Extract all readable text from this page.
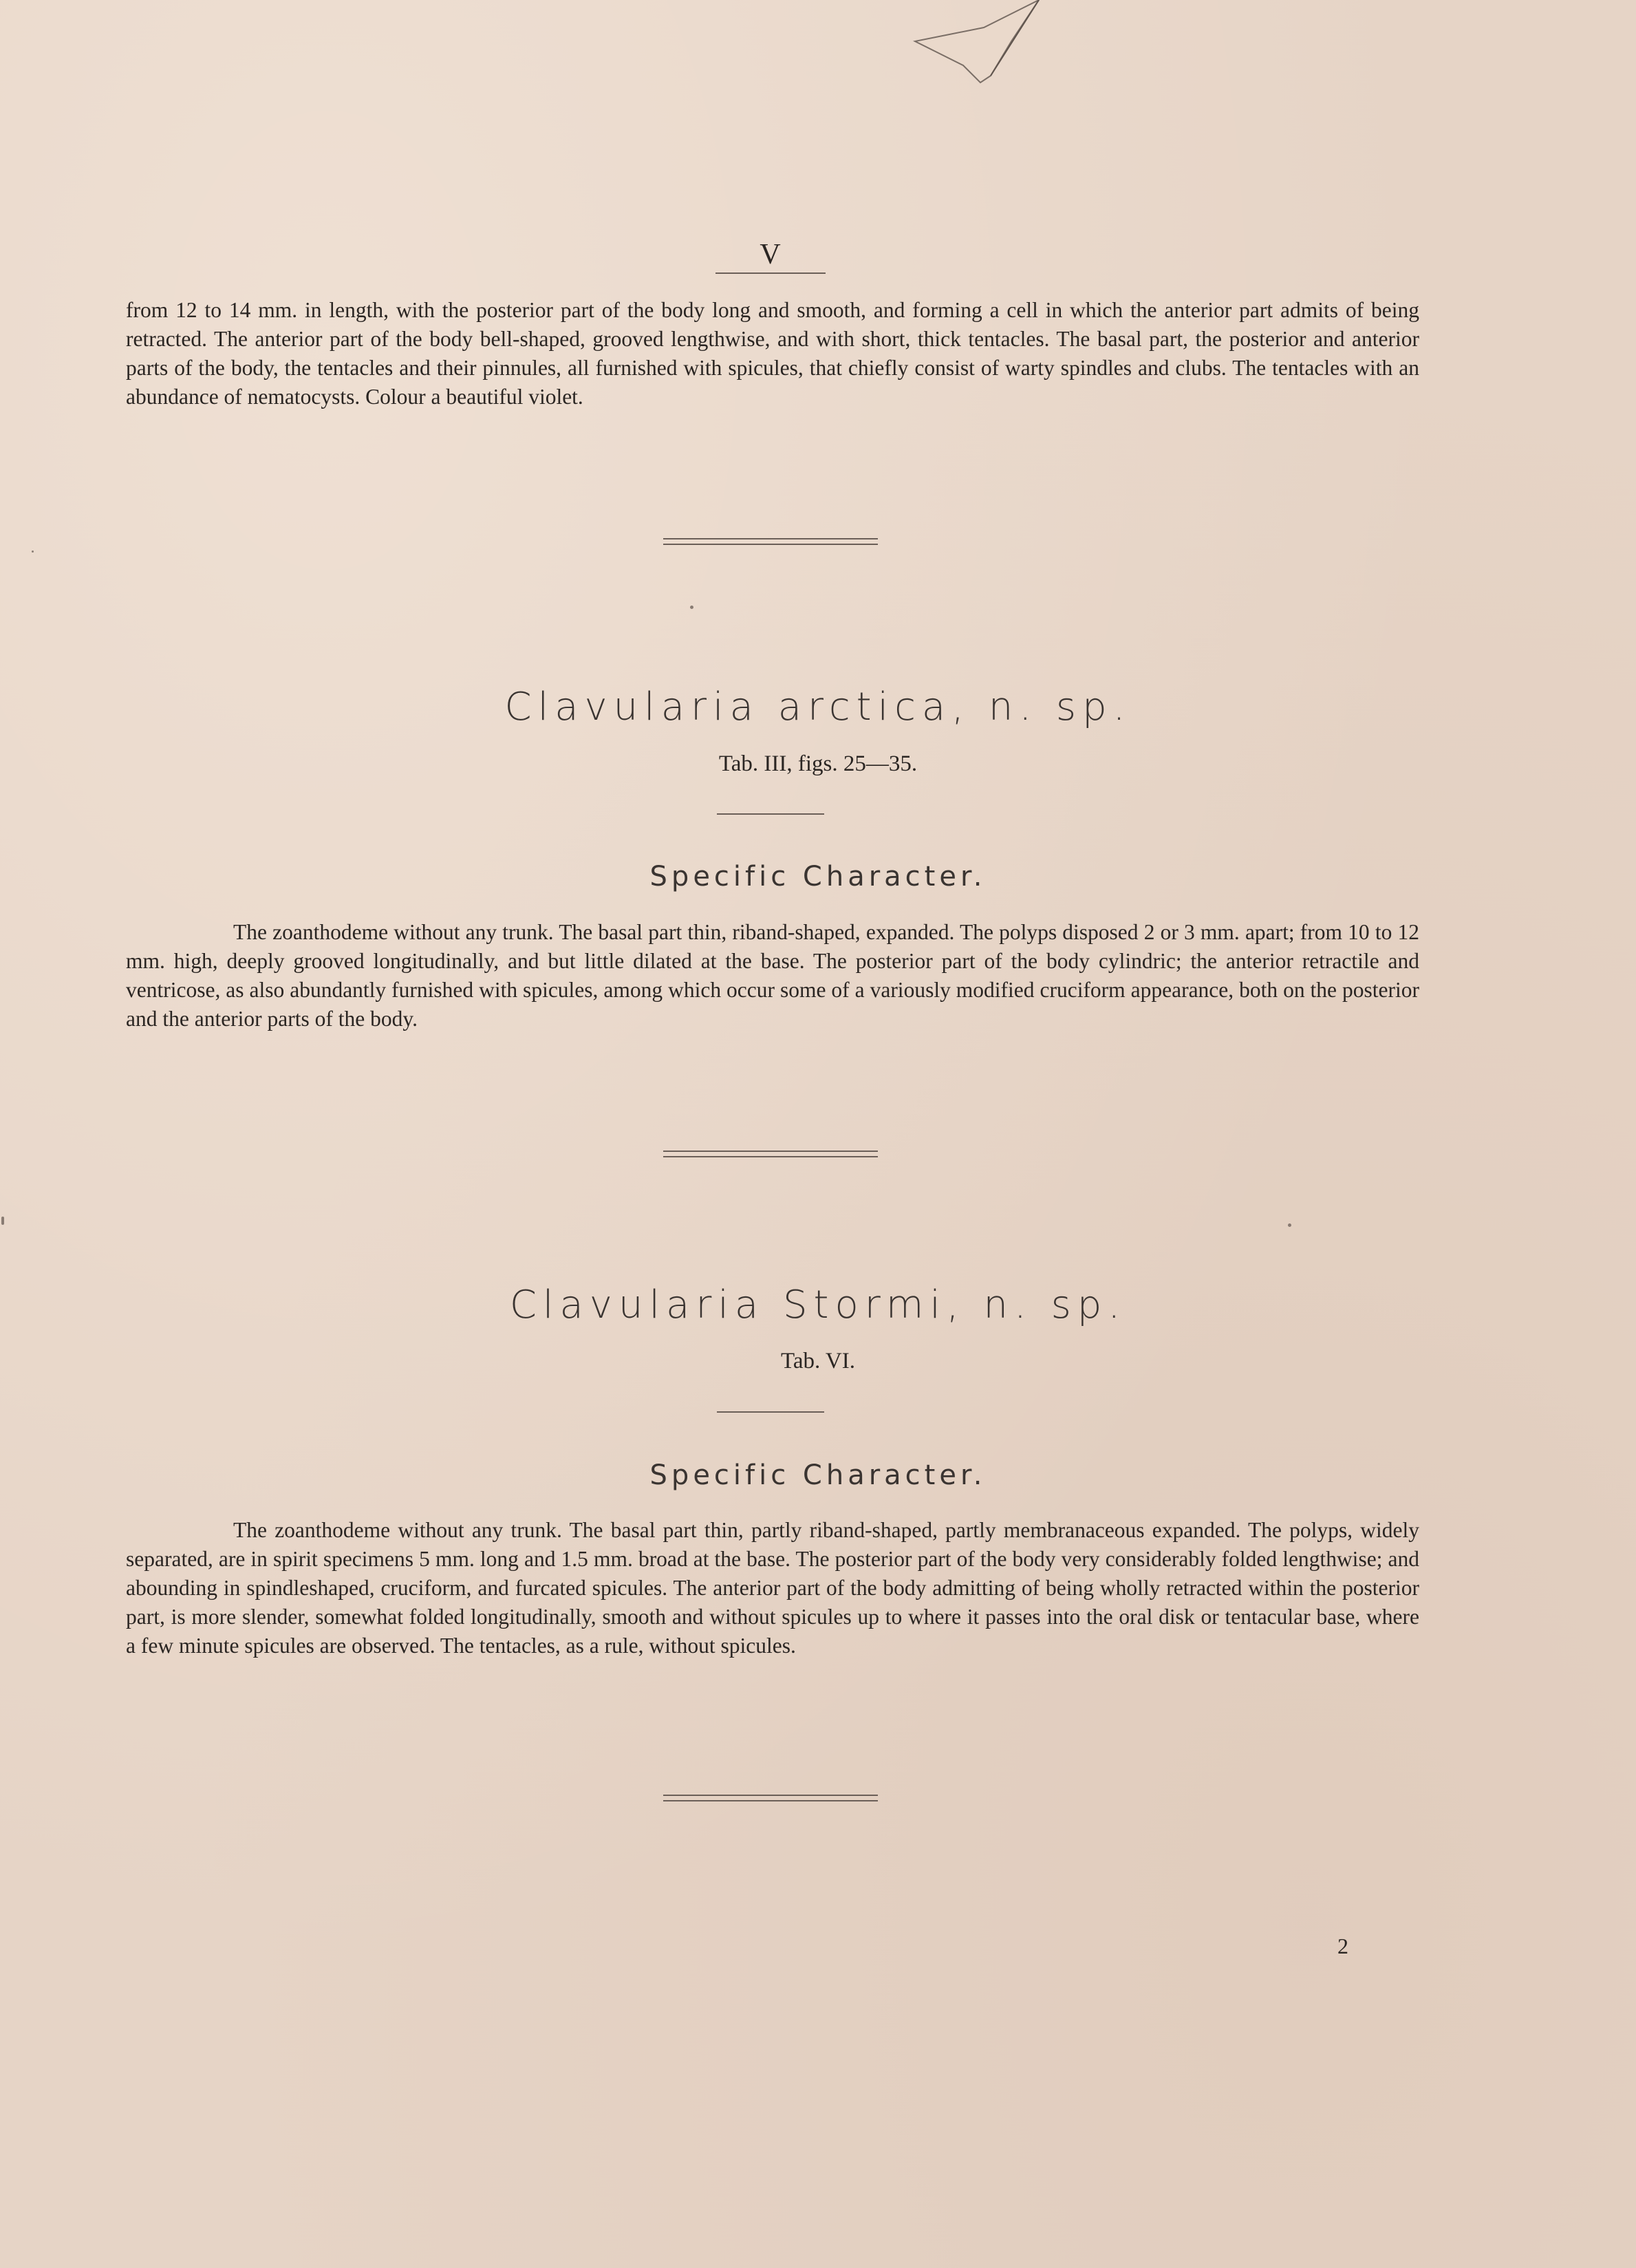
V
from 12 to 14 mm. in length, with the posterior part of the body long and smooth, and forming a cell in which the anterior part admits of being retracted. The anterior part of the body bell-shaped, grooved lengthwise, and with short, thick tentacles. The basal part, the posterior and anterior parts of the body, the tentacles and their pinnules, all furnished with spicules, that chiefly consist of warty spindles and clubs. The tentacles with an abundance of nematocysts. Colour a beautiful violet.
Clavularia arctica, n. sp.
Tab. III, figs. 25—35.
Specific Character.
The zoanthodeme without any trunk. The basal part thin, riband-shaped, expanded. The polyps disposed 2 or 3 mm. apart; from 10 to 12 mm. high, deeply grooved longitudinally, and but little dilated at the base. The posterior part of the body cylindric; the anterior retractile and ventricose, as also abundantly furnished with spicules, among which occur some of a variously modified cruciform appearance, both on the posterior and the anterior parts of the body.
Clavularia Stormi, n. sp.
Tab. VI.
Specific Character.
The zoanthodeme without any trunk. The basal part thin, partly riband-shaped, partly membranaceous expanded. The polyps, widely separated, are in spirit specimens 5 mm. long and 1.5 mm. broad at the base. The posterior part of the body very considerably folded lengthwise; and abounding in spindleshaped, cruciform, and furcated spicules. The anterior part of the body admitting of being wholly retracted within the posterior part, is more slender, somewhat folded longitudinally, smooth and without spicules up to where it passes into the oral disk or tentacular base, where a few minute spicules are observed. The tentacles, as a rule, without spicules.
2
